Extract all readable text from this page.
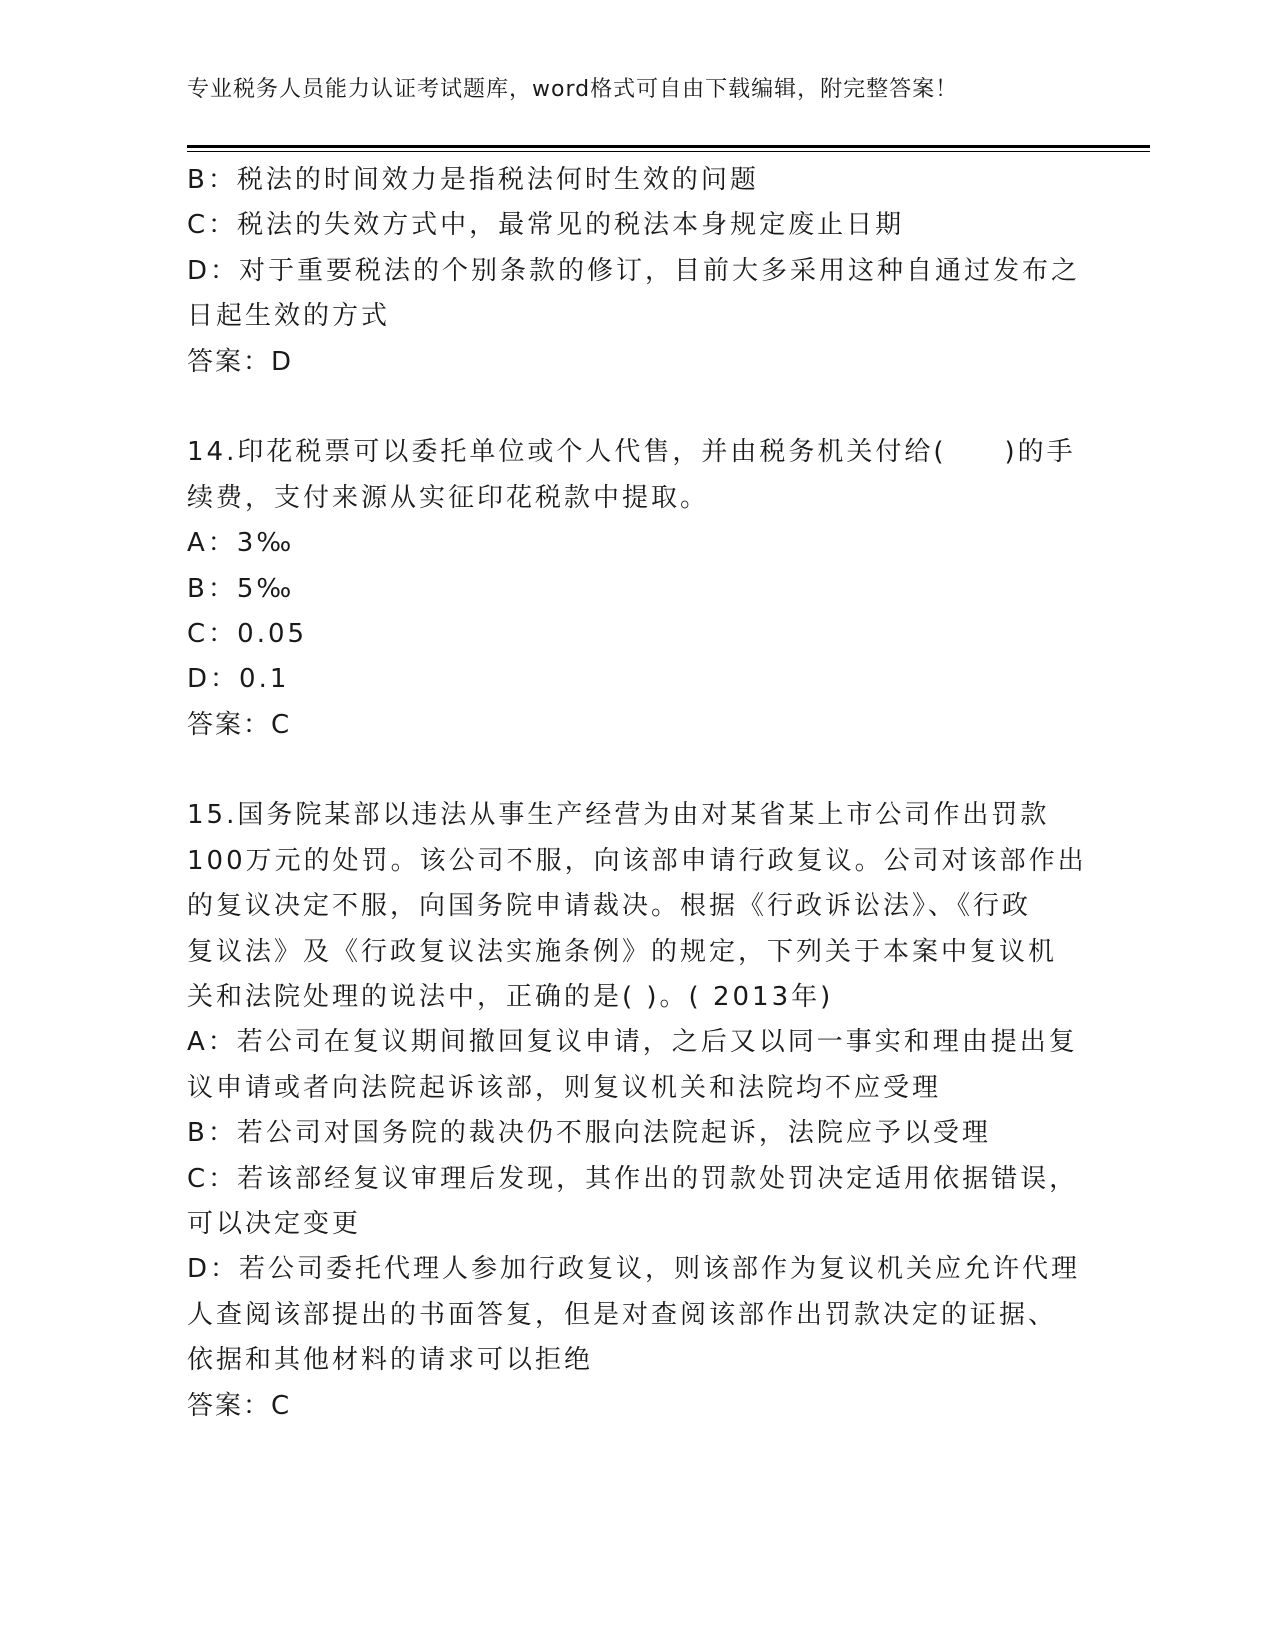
专业税务人员能力认证考试题库，word格式可自由下载编辑，附完整答案！
B：税法的时间效力是指税法何时生效的问题
C：税法的失效方式中，最常见的税法本身规定废止日期
D：对于重要税法的个别条款的修订，目前大多采用这种自通过发布之
日起生效的方式
答案：D
14.印花税票可以委托单位或个人代售，并由税务机关付给(　　)的手
续费，支付来源从实征印花税款中提取。
A：3‰
B：5‰
C：0.05
D：0.1
答案：C
15.国务院某部以违法从事生产经营为由对某省某上市公司作出罚款
100万元的处罚。该公司不服，向该部申请行政复议。公司对该部作出
的复议决定不服，向国务院申请裁决。根据《行政诉讼法》、《行政
复议法》及《行政复议法实施条例》的规定，下列关于本案中复议机
关和法院处理的说法中，正确的是( )。( 2013年)
A：若公司在复议期间撤回复议申请，之后又以同一事实和理由提出复
议申请或者向法院起诉该部，则复议机关和法院均不应受理
B：若公司对国务院的裁决仍不服向法院起诉，法院应予以受理
C：若该部经复议审理后发现，其作出的罚款处罚决定适用依据错误，
可以决定变更
D：若公司委托代理人参加行政复议，则该部作为复议机关应允许代理
人查阅该部提出的书面答复，但是对查阅该部作出罚款决定的证据、
依据和其他材料的请求可以拒绝
答案：C
